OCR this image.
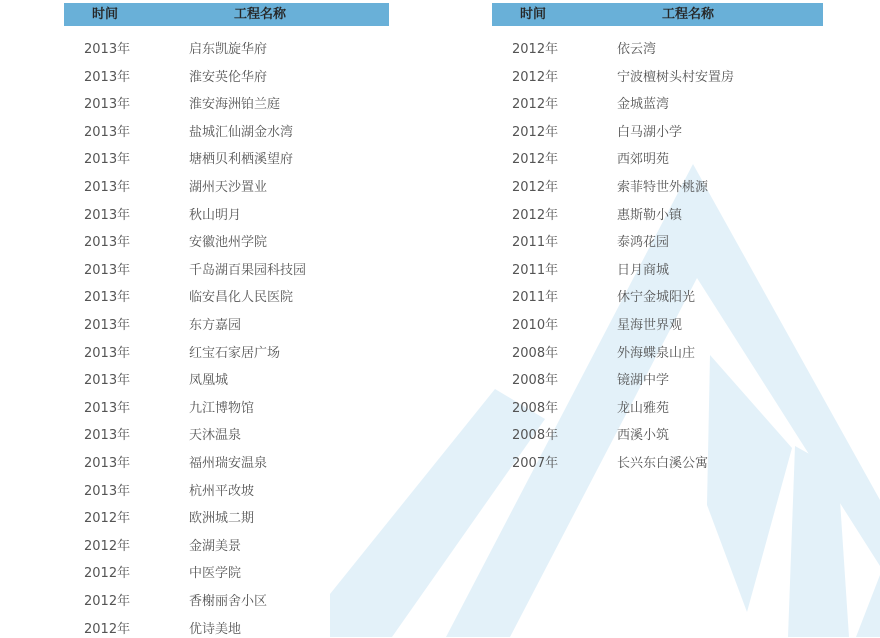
时间	工程名称
2013年	启东凯旋华府
2013年	淮安英伦华府
2013年	淮安海洲铂兰庭
2013年	盐城汇仙湖金水湾
2013年	塘栖贝利栖溪望府
2013年	湖州天沙置业
2013年	秋山明月
2013年	安徽池州学院
2013年	千岛湖百果园科技园
2013年	临安昌化人民医院
2013年	东方嘉园
2013年	红宝石家居广场
2013年	凤凰城
2013年	九江博物馆
2013年	天沐温泉
2013年	福州瑞安温泉
2013年	杭州平改坡
2012年	欧洲城二期
2012年	金湖美景
2012年	中医学院
2012年	香榭丽舍小区
2012年	优诗美地
时间	工程名称
2012年	依云湾
2012年	宁波檀树头村安置房
2012年	金城蓝湾
2012年	白马湖小学
2012年	西郊明苑
2012年	索菲特世外桃源
2012年	惠斯勒小镇
2011年	泰鸿花园
2011年	日月商城
2011年	休宁金城阳光
2010年	星海世界观
2008年	外海蝶泉山庄
2008年	镜湖中学
2008年	龙山雅苑
2008年	西溪小筑
2007年	长兴东白溪公寓
